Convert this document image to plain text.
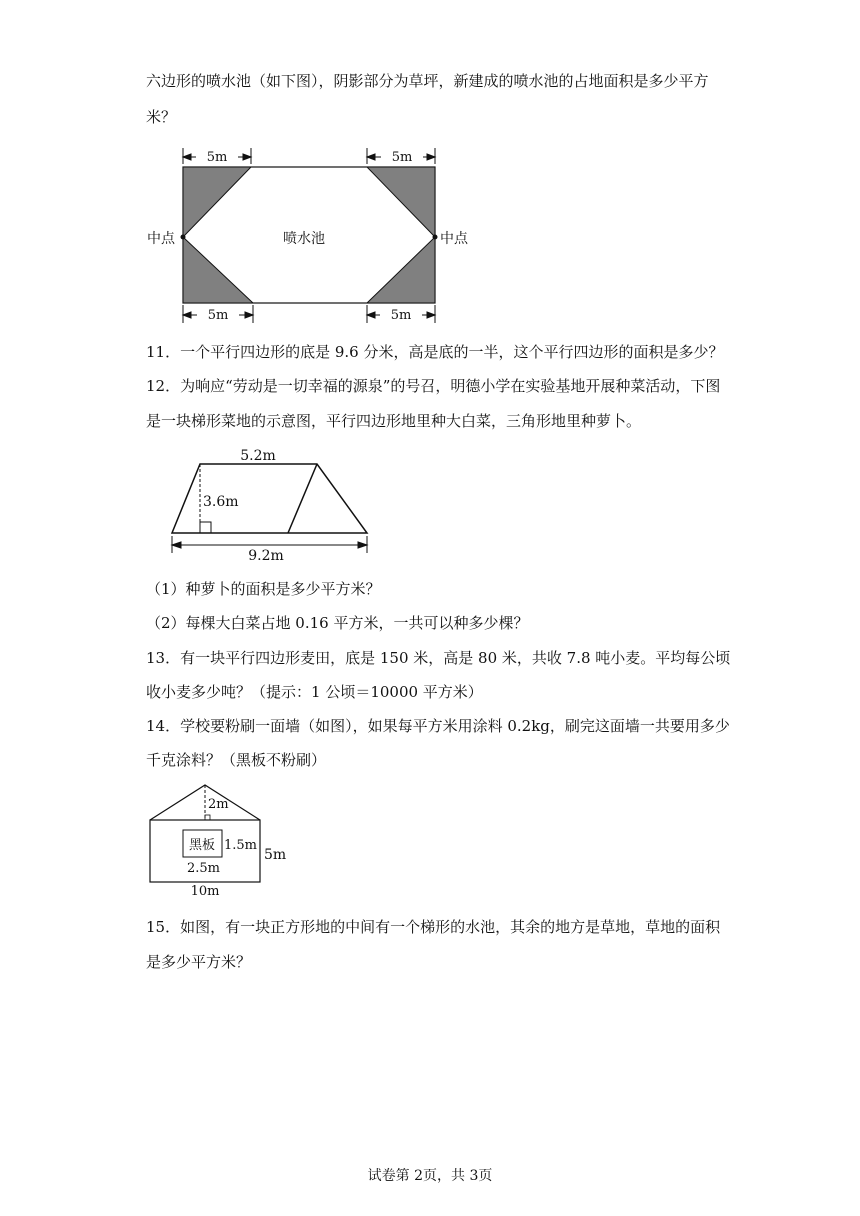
六边形的喷水池（如下图），阴影部分为草坪，新建成的喷水池的占地面积是多少平方
米？
5m	5m
中点	中点
喷水池
5m	5m
11．一个平行四边形的底是 9.6 分米，高是底的一半，这个平行四边形的面积是多少？
12．为响应“劳动是一切幸福的源泉”的号召，明德小学在实验基地开展种菜活动，下图
是一块梯形菜地的示意图，平行四边形地里种大白菜，三角形地里种萝卜。
5.2m
3.6m
9.2m
（1）种萝卜的面积是多少平方米？
（2）每棵大白菜占地 0.16 平方米，一共可以种多少棵？
13．有一块平行四边形麦田，底是 150 米，高是 80 米，共收 7.8 吨小麦。平均每公顷
收小麦多少吨？（提示：1 公顷＝10000 平方米）
14．学校要粉刷一面墙（如图），如果每平方米用涂料 0.2kg，刷完这面墙一共要用多少
千克涂料？（黑板不粉刷）
2m
黑板 1.5m
2.5m
5m
10m
15．如图，有一块正方形地的中间有一个梯形的水池，其余的地方是草地，草地的面积
是多少平方米？
试卷第 2页，共 3页
